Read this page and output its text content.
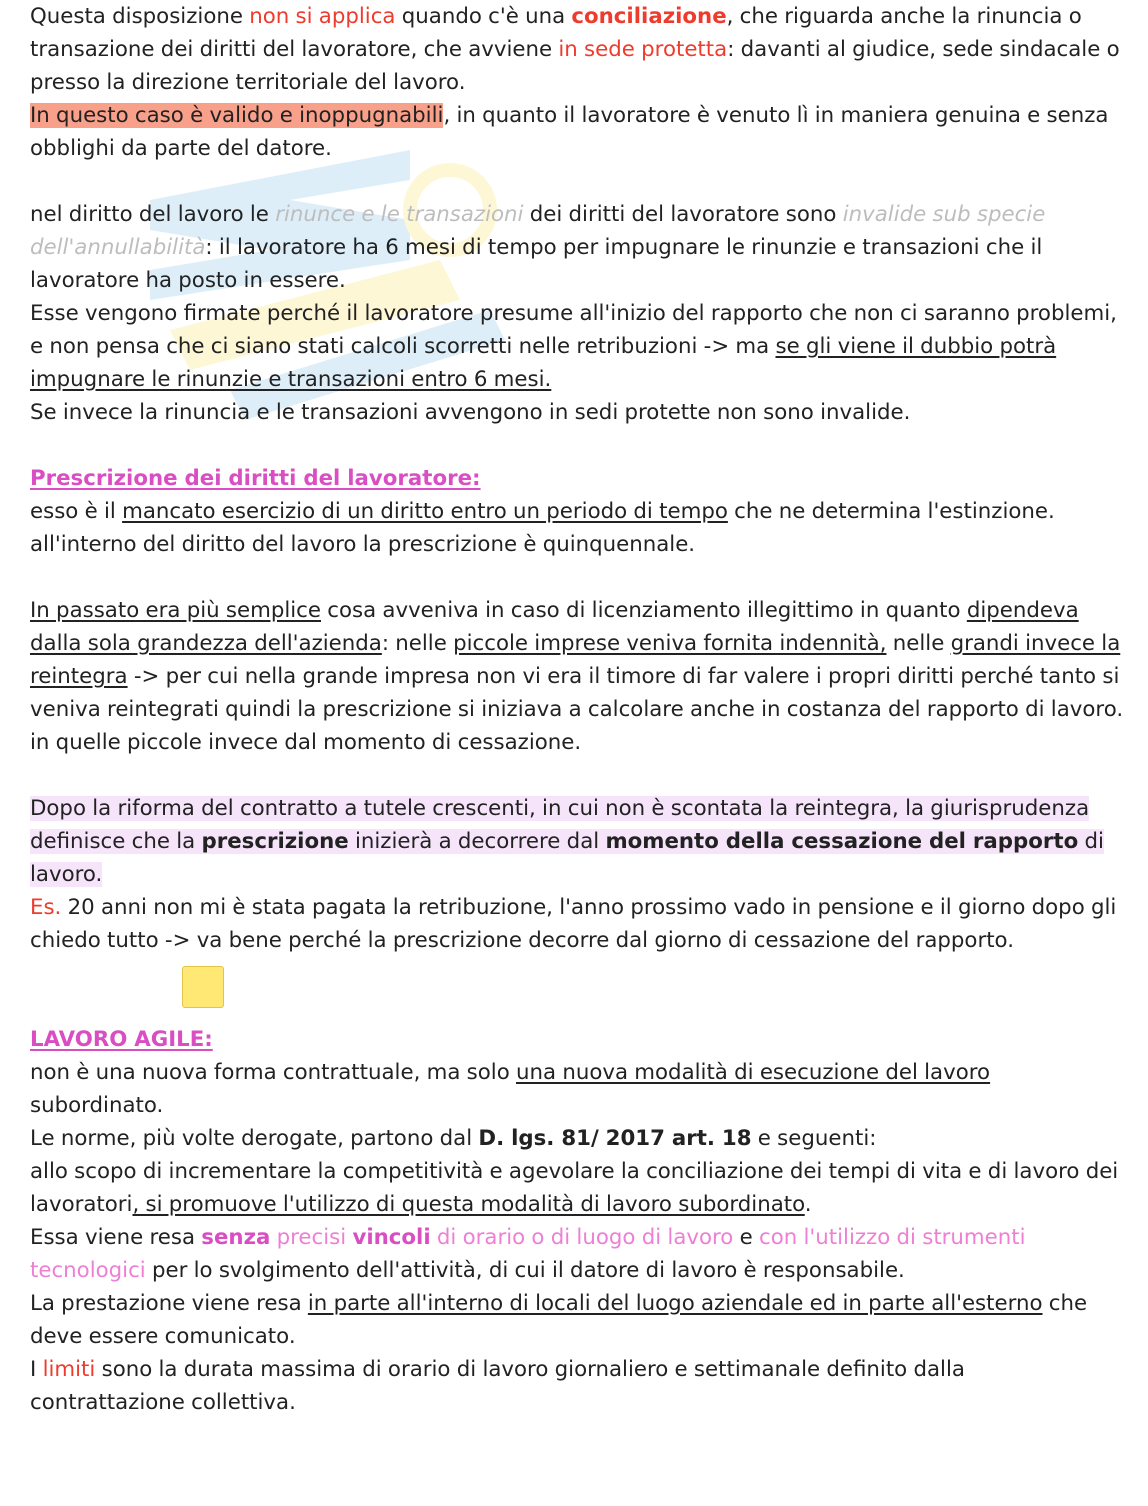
Questa disposizione non si applica quando c'è una conciliazione, che riguarda anche la rinuncia o transazione dei diritti del lavoratore, che avviene in sede protetta: davanti al giudice, sede sindacale o presso la direzione territoriale del lavoro.

In questo caso è valido e inoppugnabili, in quanto il lavoratore è venuto lì in maniera genuina e senza obblighi da parte del datore.

nel diritto del lavoro le rinunce e le transazioni dei diritti del lavoratore sono invalide sub specie dell'annullabilità: il lavoratore ha 6 mesi di tempo per impugnare le rinunzie e transazioni che il lavoratore ha posto in essere.

Esse vengono firmate perché il lavoratore presume all'inizio del rapporto che non ci saranno problemi, e non pensa che ci siano stati calcoli scorretti nelle retribuzioni -> ma se gli viene il dubbio potrà impugnare le rinunzie e transazioni entro 6 mesi.

Se invece la rinuncia e le transazioni avvengono in sedi protette non sono invalide.

Prescrizione dei diritti del lavoratore:

esso è il mancato esercizio di un diritto entro un periodo di tempo che ne determina l'estinzione.

all'interno del diritto del lavoro la prescrizione è quinquennale.

In passato era più semplice cosa avveniva in caso di licenziamento illegittimo in quanto dipendeva dalla sola grandezza dell'azienda: nelle piccole imprese veniva fornita indennità, nelle grandi invece la reintegra -> per cui nella grande impresa non vi era il timore di far valere i propri diritti perché tanto si veniva reintegrati quindi la prescrizione si iniziava a calcolare anche in costanza del rapporto di lavoro. in quelle piccole invece dal momento di cessazione.

Dopo la riforma del contratto a tutele crescenti, in cui non è scontata la reintegra, la giurisprudenza definisce che la prescrizione inizierà a decorrere dal momento della cessazione del rapporto di lavoro.

Es. 20 anni non mi è stata pagata la retribuzione, l'anno prossimo vado in pensione e il giorno dopo gli chiedo tutto -> va bene perché la prescrizione decorre dal giorno di cessazione del rapporto.

LAVORO AGILE:

non è una nuova forma contrattuale, ma solo una nuova modalità di esecuzione del lavoro subordinato.

Le norme, più volte derogate, partono dal D. lgs. 81/ 2017 art. 18 e seguenti:

allo scopo di incrementare la competitività e agevolare la conciliazione dei tempi di vita e di lavoro dei lavoratori, si promuove l'utilizzo di questa modalità di lavoro subordinato.

Essa viene resa senza precisi vincoli di orario o di luogo di lavoro e con l'utilizzo di strumenti tecnologici per lo svolgimento dell'attività, di cui il datore di lavoro è responsabile.

La prestazione viene resa in parte all'interno di locali del luogo aziendale ed in parte all'esterno che deve essere comunicato.

I limiti sono la durata massima di orario di lavoro giornaliero e settimanale definito dalla contrattazione collettiva.
